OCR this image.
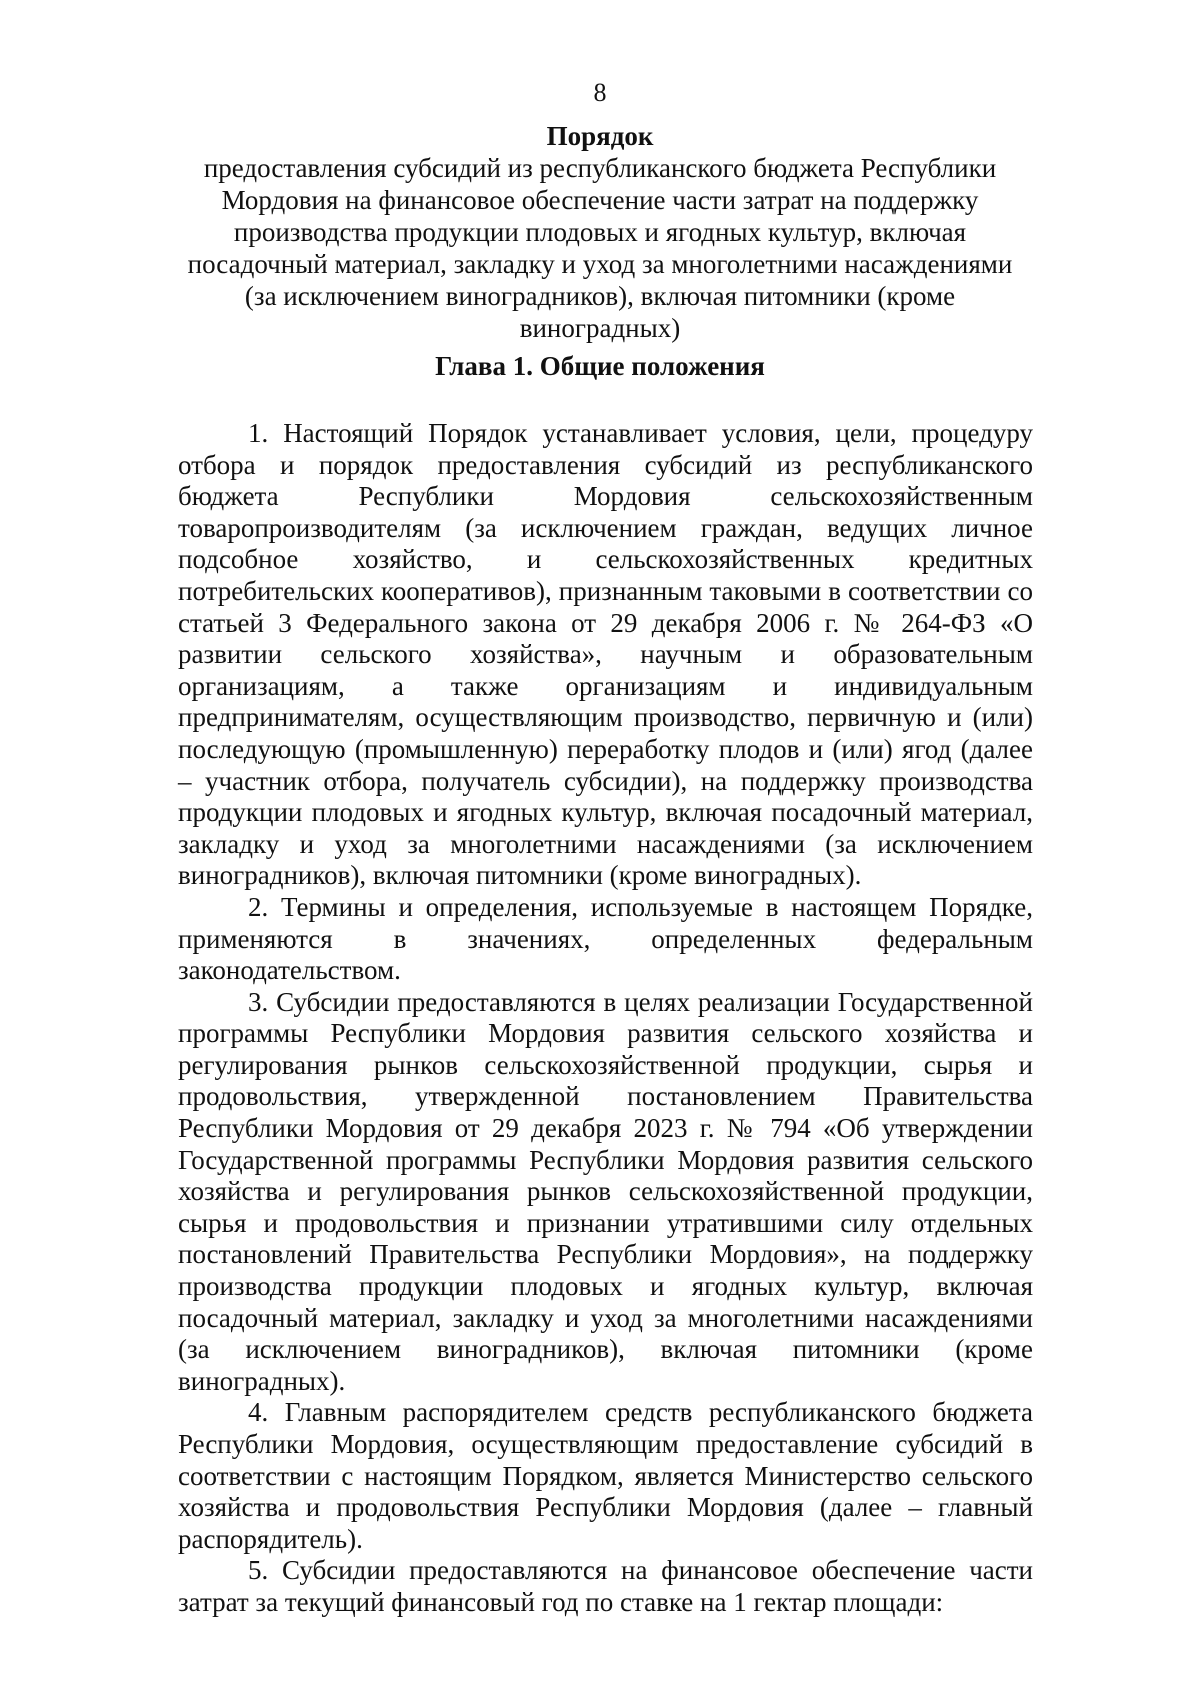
8
Порядок
предоставления субсидий из республиканского бюджета Республики Мордовия на финансовое обеспечение части затрат на поддержку производства продукции плодовых и ягодных культур, включая посадочный материал, закладку и уход за многолетними насаждениями (за исключением виноградников), включая питомники (кроме виноградных)
Глава 1. Общие положения

1. Настоящий Порядок устанавливает условия, цели, процедуру отбора и порядок предоставления субсидий из республиканского бюджета Республики Мордовия сельскохозяйственным товаропроизводителям (за исключением граждан, ведущих личное подсобное хозяйство, и сельскохозяйственных кредитных потребительских кооперативов), признанным таковыми в соответствии со статьей 3 Федерального закона от 29 декабря 2006 г. № 264-ФЗ «О развитии сельского хозяйства», научным и образовательным организациям, а также организациям и индивидуальным предпринимателям, осуществляющим производство, первичную и (или) последующую (промышленную) переработку плодов и (или) ягод (далее – участник отбора, получатель субсидии), на поддержку производства продукции плодовых и ягодных культур, включая посадочный материал, закладку и уход за многолетними насаждениями (за исключением виноградников), включая питомники (кроме виноградных).

2. Термины и определения, используемые в настоящем Порядке, применяются в значениях, определенных федеральным законодательством.

3. Субсидии предоставляются в целях реализации Государственной программы Республики Мордовия развития сельского хозяйства и регулирования рынков сельскохозяйственной продукции, сырья и продовольствия, утвержденной постановлением Правительства Республики Мордовия от 29 декабря 2023 г. № 794 «Об утверждении Государственной программы Республики Мордовия развития сельского хозяйства и регулирования рынков сельскохозяйственной продукции, сырья и продовольствия и признании утратившими силу отдельных постановлений Правительства Республики Мордовия», на поддержку производства продукции плодовых и ягодных культур, включая посадочный материал, закладку и уход за многолетними насаждениями (за исключением виноградников), включая питомники (кроме виноградных).

4. Главным распорядителем средств республиканского бюджета Республики Мордовия, осуществляющим предоставление субсидий в соответствии с настоящим Порядком, является Министерство сельского хозяйства и продовольствия Республики Мордовия (далее – главный распорядитель).

5. Субсидии предоставляются на финансовое обеспечение части затрат за текущий финансовый год по ставке на 1 гектар площади:
